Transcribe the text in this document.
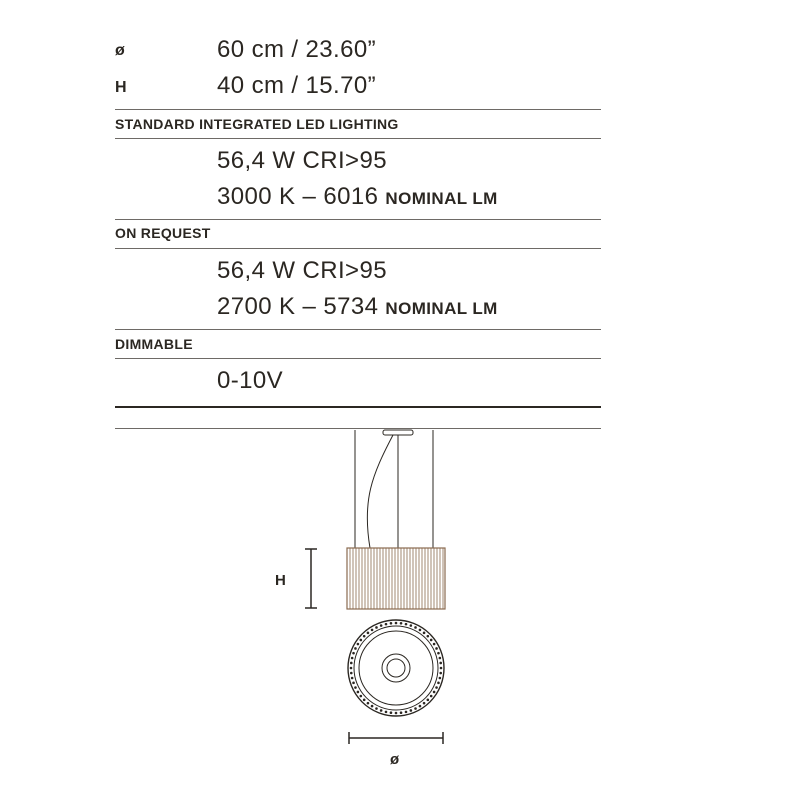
ø	60 cm / 23.60”
H	40 cm / 15.70”
STANDARD INTEGRATED LED LIGHTING
56,4 W CRI>95
3000 K – 6016 NOMINAL LM
ON REQUEST
56,4 W CRI>95
2700 K – 5734 NOMINAL LM
DIMMABLE
0-10V
H
ø
